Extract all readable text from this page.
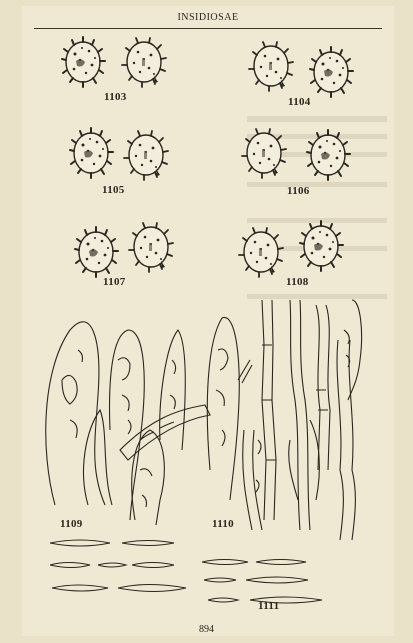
INSIDIOSAE
1103	1104
1105	1106
1107	1108
1109	1110
1111
894
